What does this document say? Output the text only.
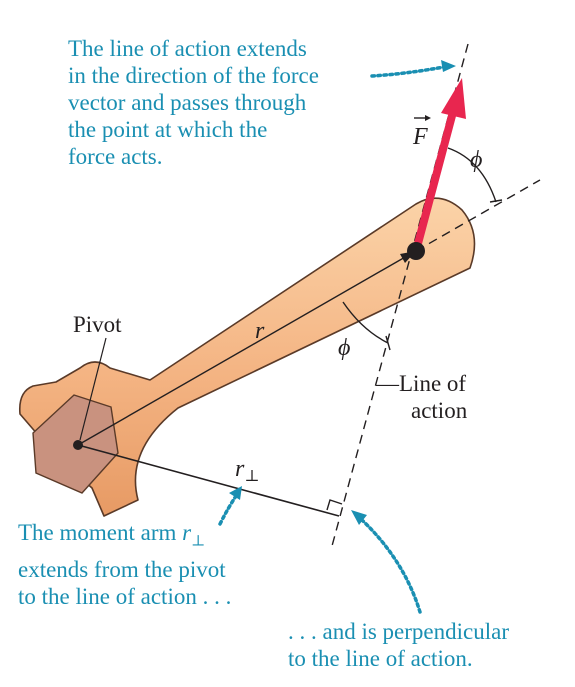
r
$r_\perp$
ϕ
ϕ
F
The line of action extends
in the direction of the force
vector and passes through
the point at which the
force acts.
Pivot
—Line of
action
The moment arm $r_\perp$
extends from the pivot
to the line of action . . .
. . . and is perpendicular
to the line of action.
